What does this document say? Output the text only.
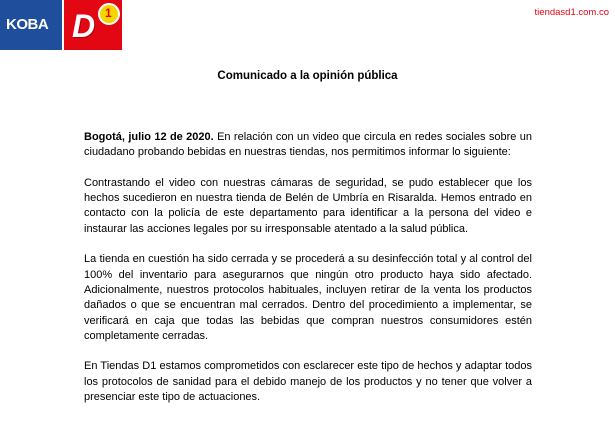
KOBA D 1	tiendasd1.com.co
Comunicado a la opinión pública

Bogotá, julio 12 de 2020. En relación con un video que circula en redes sociales sobre un ciudadano probando bebidas en nuestras tiendas, nos permitimos informar lo siguiente:

Contrastando el video con nuestras cámaras de seguridad, se pudo establecer que los hechos sucedieron en nuestra tienda de Belén de Umbría en Risaralda. Hemos entrado en contacto con la policía de este departamento para identificar a la persona del video e instaurar las acciones legales por su irresponsable atentado a la salud pública.

La tienda en cuestión ha sido cerrada y se procederá a su desinfección total y al control del 100% del inventario para asegurarnos que ningún otro producto haya sido afectado. Adicionalmente, nuestros protocolos habituales, incluyen retirar de la venta los productos dañados o que se encuentran mal cerrados. Dentro del procedimiento a implementar, se verificará en caja que todas las bebidas que compran nuestros consumidores estén completamente cerradas.

En Tiendas D1 estamos comprometidos con esclarecer este tipo de hechos y adaptar todos los protocolos de sanidad para el debido manejo de los productos y no tener que volver a presenciar este tipo de actuaciones.
